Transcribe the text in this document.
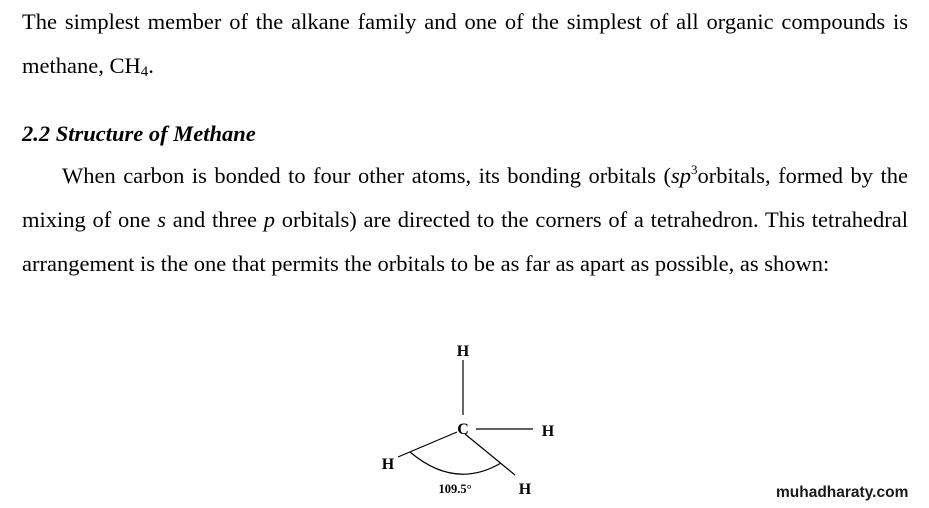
The simplest member of the alkane family and one of the simplest of all organic compounds is methane, $CH_4$.

2.2 Structure of Methane

When carbon is bonded to four other atoms, its bonding orbitals ($sp^3orbitals$, formed by the mixing of one s and three p orbitals) are directed to the corners of a tetrahedron. This tetrahedral arrangement is the one that permits the orbitals to be as far as apart as possible, as shown:

H
C	H
H
H
109.5°	muhadharaty.com
